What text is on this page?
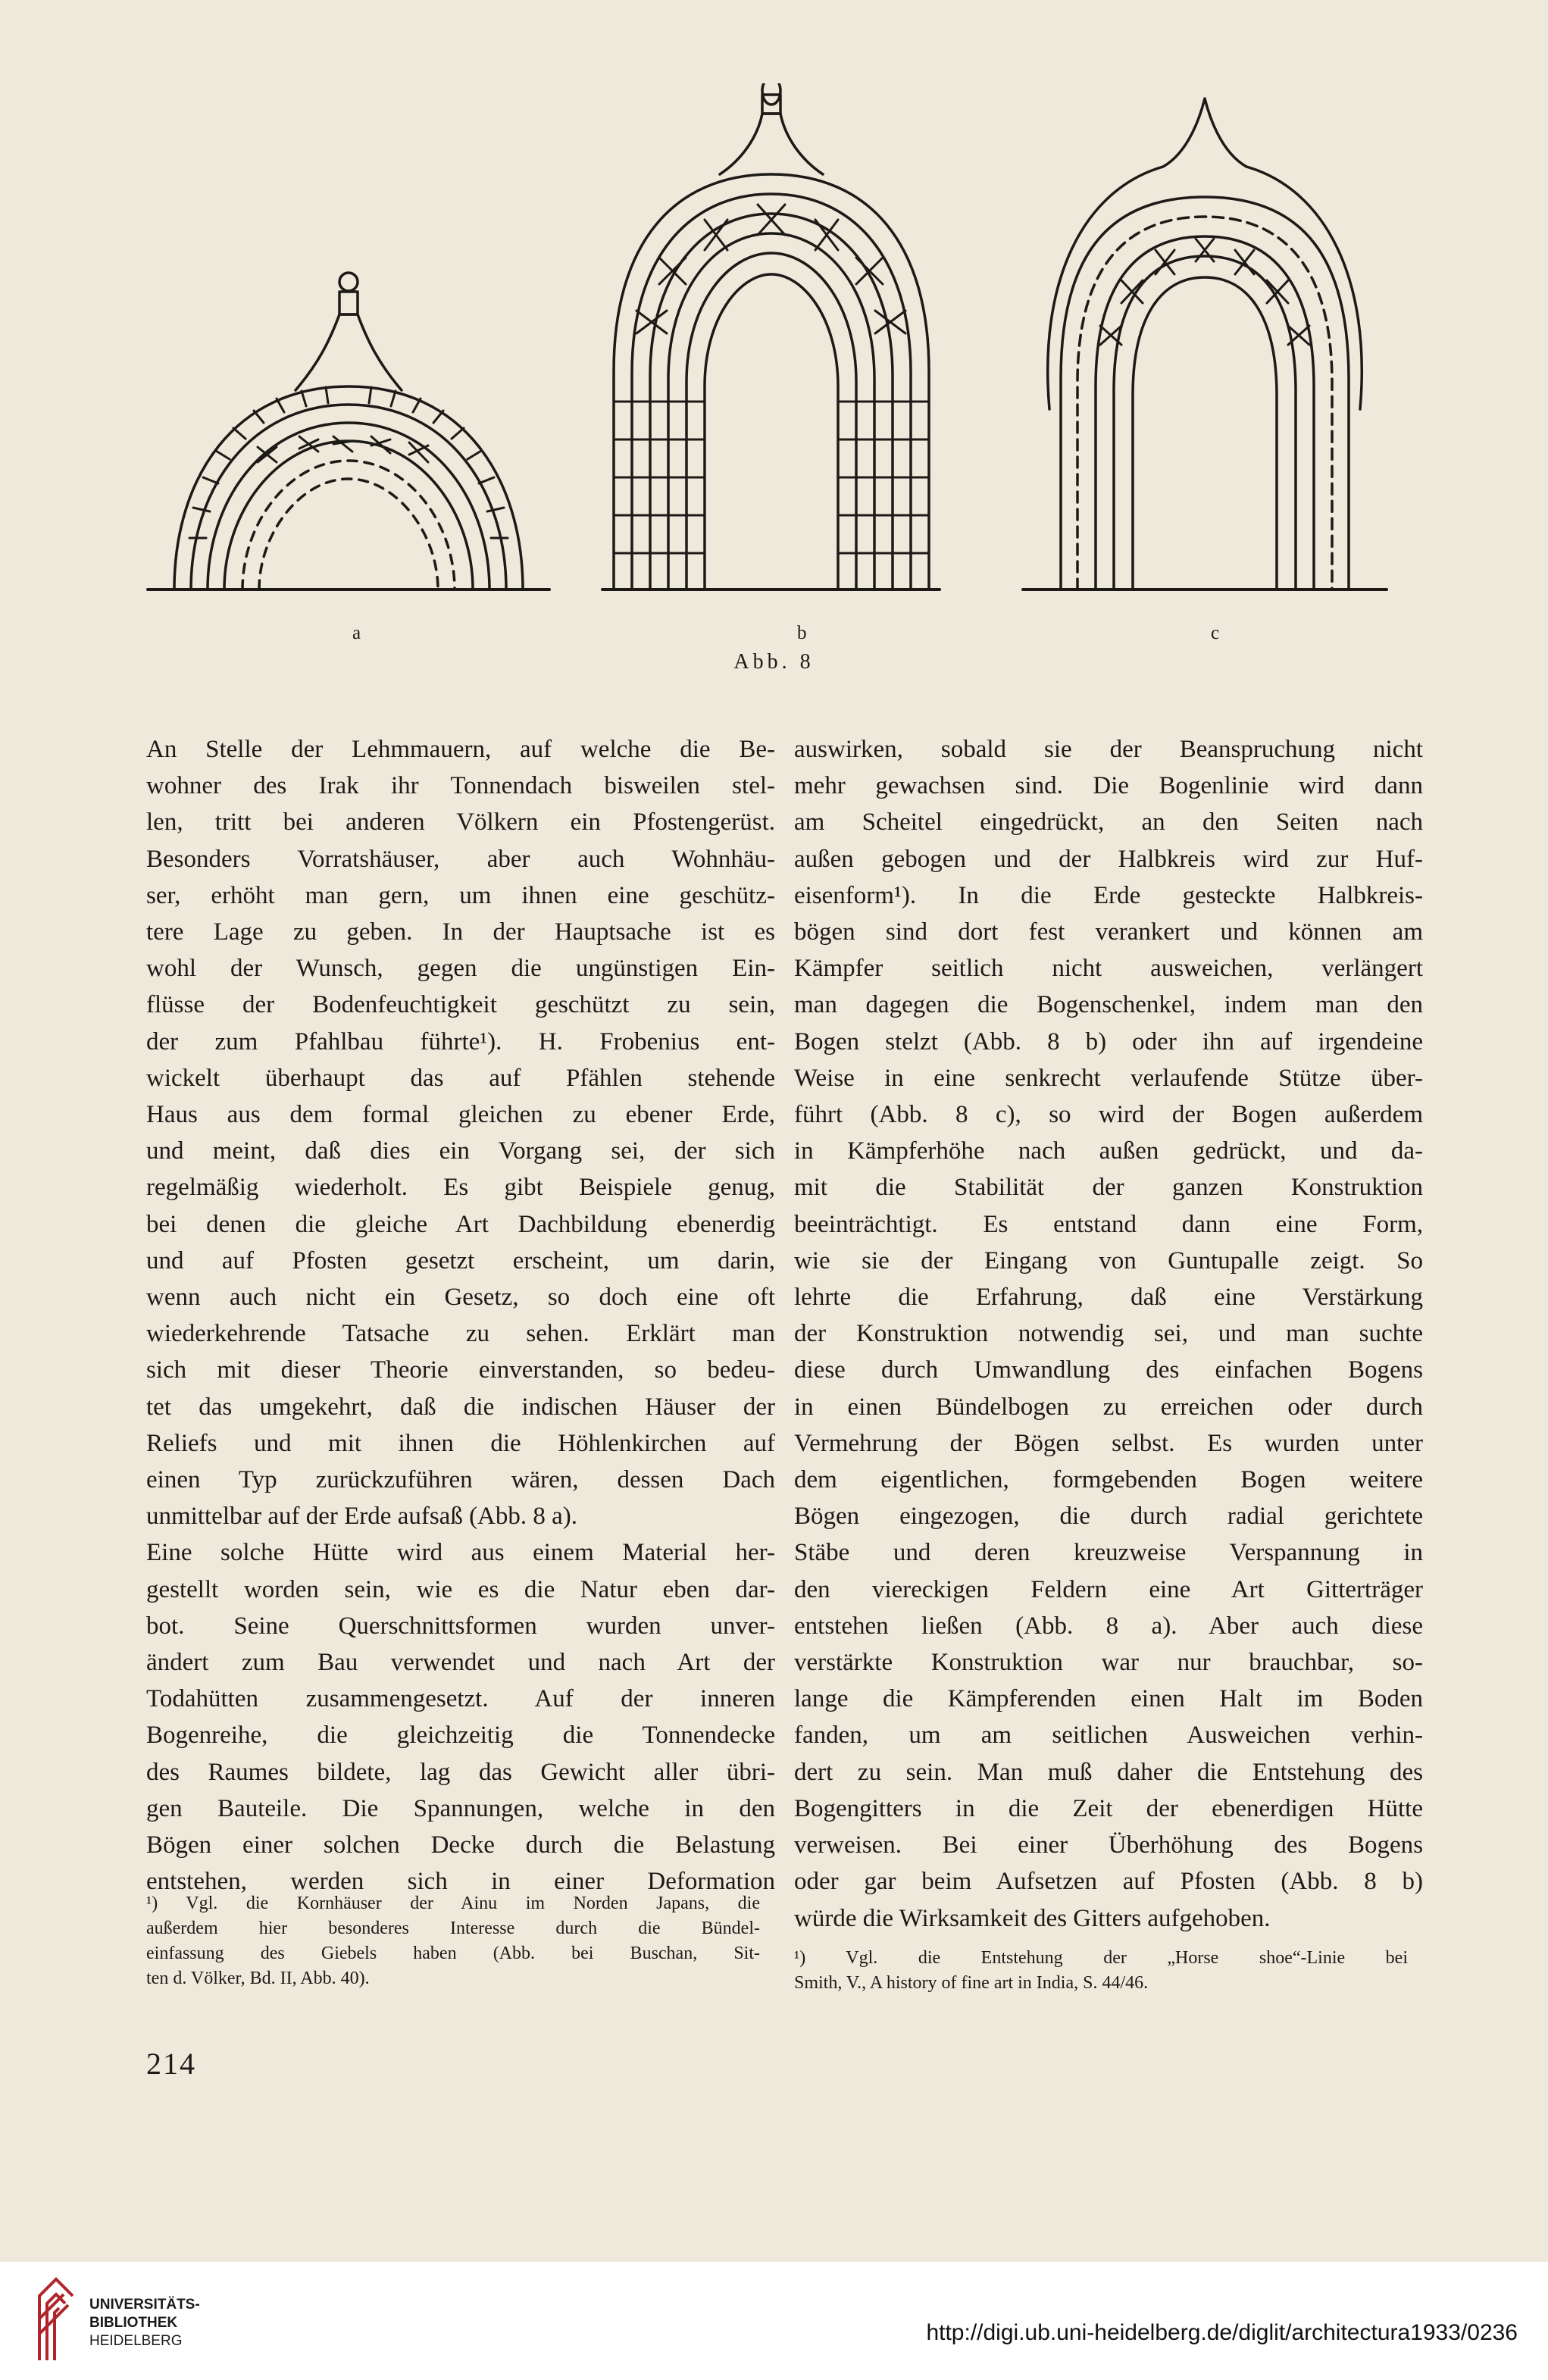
a	b	c
Abb. 8
An Stelle der Lehmmauern, auf welche die Be-
wohner des Irak ihr Tonnendach bisweilen stel-
len, tritt bei anderen Völkern ein Pfostengerüst.
Besonders Vorratshäuser, aber auch Wohnhäu-
ser, erhöht man gern, um ihnen eine geschütz-
tere Lage zu geben. In der Hauptsache ist es
wohl der Wunsch, gegen die ungünstigen Ein-
flüsse der Bodenfeuchtigkeit geschützt zu sein,
der zum Pfahlbau führte¹). H. Frobenius ent-
wickelt überhaupt das auf Pfählen stehende
Haus aus dem formal gleichen zu ebener Erde,
und meint, daß dies ein Vorgang sei, der sich
regelmäßig wiederholt. Es gibt Beispiele genug,
bei denen die gleiche Art Dachbildung ebenerdig
und auf Pfosten gesetzt erscheint, um darin,
wenn auch nicht ein Gesetz, so doch eine oft
wiederkehrende Tatsache zu sehen. Erklärt man
sich mit dieser Theorie einverstanden, so bedeu-
tet das umgekehrt, daß die indischen Häuser der
Reliefs und mit ihnen die Höhlenkirchen auf
einen Typ zurückzuführen wären, dessen Dach
unmittelbar auf der Erde aufsaß (Abb. 8 a).
Eine solche Hütte wird aus einem Material her-
gestellt worden sein, wie es die Natur eben dar-
bot. Seine Querschnittsformen wurden unver-
ändert zum Bau verwendet und nach Art der
Todahütten zusammengesetzt. Auf der inneren
Bogenreihe, die gleichzeitig die Tonnendecke
des Raumes bildete, lag das Gewicht aller übri-
gen Bauteile. Die Spannungen, welche in den
Bögen einer solchen Decke durch die Belastung
entstehen, werden sich in einer Deformation
auswirken, sobald sie der Beanspruchung nicht
mehr gewachsen sind. Die Bogenlinie wird dann
am Scheitel eingedrückt, an den Seiten nach
außen gebogen und der Halbkreis wird zur Huf-
eisenform¹). In die Erde gesteckte Halbkreis-
bögen sind dort fest verankert und können am
Kämpfer seitlich nicht ausweichen, verlängert
man dagegen die Bogenschenkel, indem man den
Bogen stelzt (Abb. 8 b) oder ihn auf irgendeine
Weise in eine senkrecht verlaufende Stütze über-
führt (Abb. 8 c), so wird der Bogen außerdem
in Kämpferhöhe nach außen gedrückt, und da-
mit die Stabilität der ganzen Konstruktion
beeinträchtigt. Es entstand dann eine Form,
wie sie der Eingang von Guntupalle zeigt. So
lehrte die Erfahrung, daß eine Verstärkung
der Konstruktion notwendig sei, und man suchte
diese durch Umwandlung des einfachen Bogens
in einen Bündelbogen zu erreichen oder durch
Vermehrung der Bögen selbst. Es wurden unter
dem eigentlichen, formgebenden Bogen weitere
Bögen eingezogen, die durch radial gerichtete
Stäbe und deren kreuzweise Verspannung in
den viereckigen Feldern eine Art Gitterträger
entstehen ließen (Abb. 8 a). Aber auch diese
verstärkte Konstruktion war nur brauchbar, so-
lange die Kämpferenden einen Halt im Boden
fanden, um am seitlichen Ausweichen verhin-
dert zu sein. Man muß daher die Entstehung des
Bogengitters in die Zeit der ebenerdigen Hütte
verweisen. Bei einer Überhöhung des Bogens
oder gar beim Aufsetzen auf Pfosten (Abb. 8 b)
würde die Wirksamkeit des Gitters aufgehoben.
¹) Vgl. die Kornhäuser der Ainu im Norden Japans, die
außerdem hier besonderes Interesse durch die Bündel-
einfassung des Giebels haben (Abb. bei Buschan, Sit-
ten d. Völker, Bd. II, Abb. 40).
¹) Vgl. die Entstehung der „Horse shoe“-Linie bei
Smith, V., A history of fine art in India, S. 44/46.
214
UNIVERSITÄTS-
BIBLIOTHEK
HEIDELBERG	http://digi.ub.uni-heidelberg.de/diglit/architectura1933/0236
